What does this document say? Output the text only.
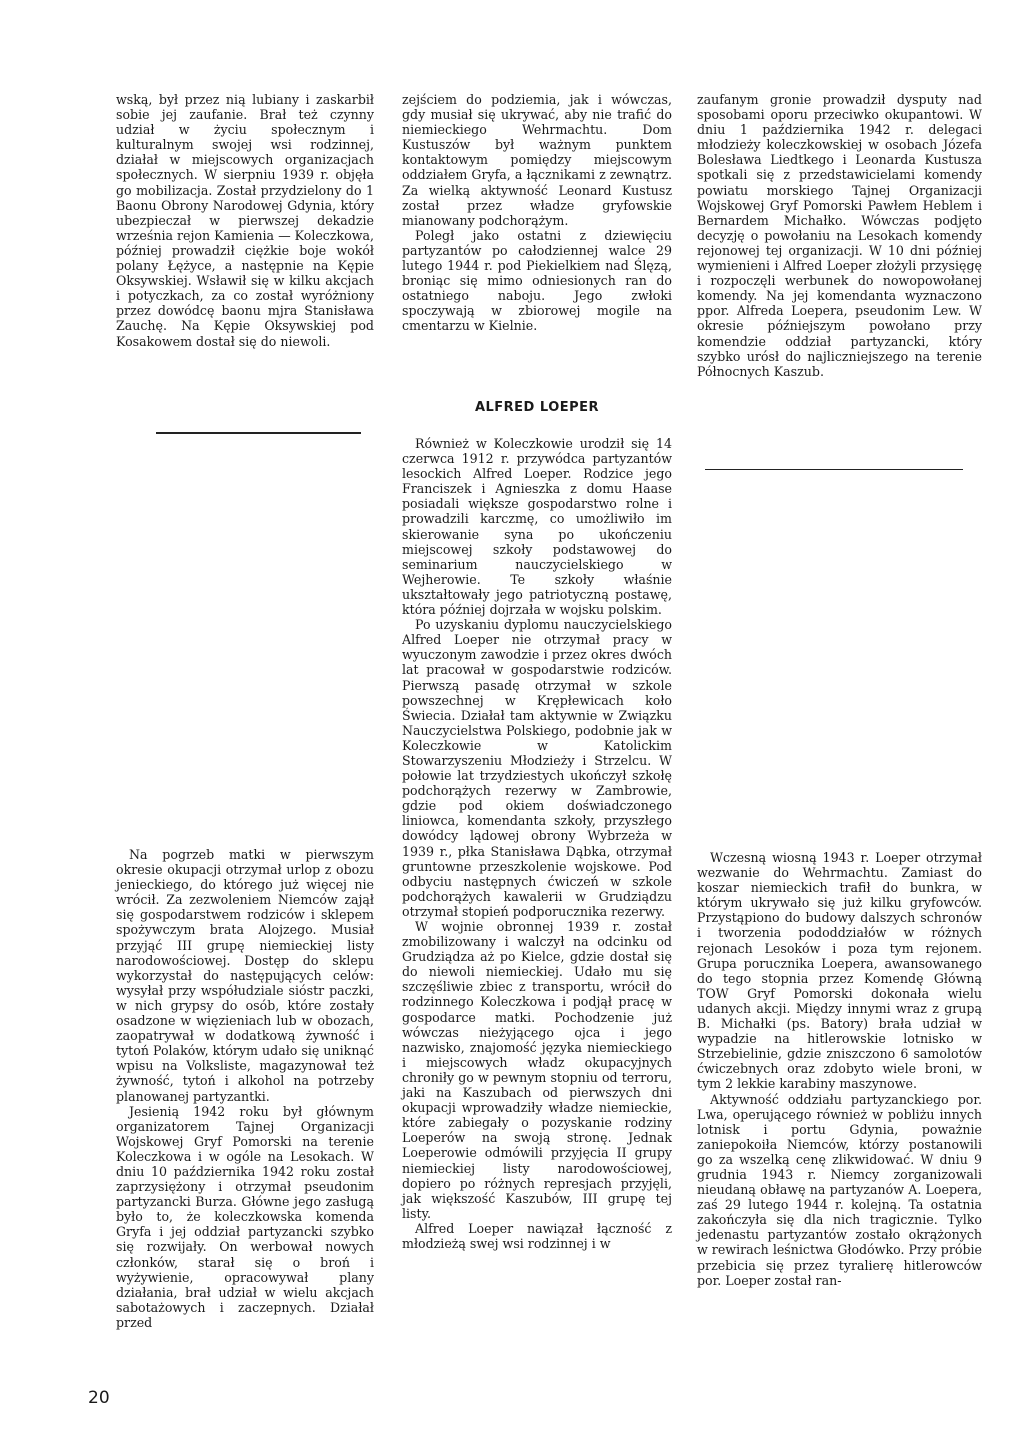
wską, był przez nią lubiany i zaskarbił sobie jej zaufanie. Brał też czynny udział w życiu społecznym i kulturalnym swojej wsi rodzinnej, działał w miejscowych organizacjach społecznych. W sierpniu 1939 r. objęła go mobilizacja. Został przydzielony do 1 Baonu Obrony Narodowej Gdynia, który ubezpieczał w pierwszej dekadzie września rejon Kamienia — Koleczkowa, później prowadził ciężkie boje wokół polany Łężyce, a następnie na Kępie Oksywskiej. Wsławił się w kilku akcjach i potyczkach, za co został wyróżniony przez dowódcę baonu mjra Stanisława Zauchę. Na Kępie Oksywskiej pod Kosakowem dostał się do niewoli.

Na pogrzeb matki w pierwszym okresie okupacji otrzymał urlop z obozu jenieckiego, do którego już więcej nie wrócił. Za zezwoleniem Niemców zajął się gospodarstwem rodziców i sklepem spożywczym brata Alojzego. Musiał przyjąć III grupę niemieckiej listy narodowościowej. Dostęp do sklepu wykorzystał do następujących celów: wysyłał przy współudziale sióstr paczki, w nich grypsy do osób, które zostały osadzone w więzieniach lub w obozach, zaopatrywał w dodatkową żywność i tytoń Polaków, którym udało się uniknąć wpisu na Volksliste, magazynował też żywność, tytoń i alkohol na potrzeby planowanej partyzantki.

Jesienią 1942 roku był głównym organizatorem Tajnej Organizacji Wojskowej Gryf Pomorski na terenie Koleczkowa i w ogóle na Lesokach. W dniu 10 października 1942 roku został zaprzysiężony i otrzymał pseudonim partyzancki Burza. Główne jego zasługą było to, że koleczkowska komenda Gryfa i jej oddział partyzancki szybko się rozwijały. On werbował nowych członków, starał się o broń i wyżywienie, opracowywał plany działania, brał udział w wielu akcjach sabotażowych i zaczepnych. Działał przed

zejściem do podziemia, jak i wówczas, gdy musiał się ukrywać, aby nie trafić do niemieckiego Wehrmachtu. Dom Kustuszów był ważnym punktem kontaktowym pomiędzy miejscowym oddziałem Gryfa, a łącznikami z zewnątrz. Za wielką aktywność Leonard Kustusz został przez władze gryfowskie mianowany podchorążym.

Poległ jako ostatni z dziewięciu partyzantów po całodziennej walce 29 lutego 1944 r. pod Piekielkiem nad Ślęzą, broniąc się mimo odniesionych ran do ostatniego naboju. Jego zwłoki spoczywają w zbiorowej mogile na cmentarzu w Kielnie.

ALFRED LOEPER

Również w Koleczkowie urodził się 14 czerwca 1912 r. przywódca partyzantów lesockich Alfred Loeper. Rodzice jego Franciszek i Agnieszka z domu Haase posiadali większe gospodarstwo rolne i prowadzili karczmę, co umożliwiło im skierowanie syna po ukończeniu miejscowej szkoły podstawowej do seminarium nauczycielskiego w Wejherowie. Te szkoły właśnie ukształtowały jego patriotyczną postawę, która później dojrzała w wojsku polskim.

Po uzyskaniu dyplomu nauczycielskiego Alfred Loeper nie otrzymał pracy w wyuczonym zawodzie i przez okres dwóch lat pracował w gospodarstwie rodziców. Pierwszą pasadę otrzymał w szkole powszechnej w Krępłewicach koło Świecia. Działał tam aktywnie w Związku Nauczycielstwa Polskiego, podobnie jak w Koleczkowie w Katolickim Stowarzyszeniu Młodzieży i Strzelcu. W połowie lat trzydziestych ukończył szkołę podchorążych rezerwy w Zambrowie, gdzie pod okiem doświadczonego liniowca, komendanta szkoły, przyszłego dowódcy lądowej obrony Wybrzeża w 1939 r., płka Stanisława Dąbka, otrzymał gruntowne przeszkolenie wojskowe. Pod odbyciu następnych ćwiczeń w szkole podchorążych kawalerii w Grudziądzu otrzymał stopień podporucznika rezerwy.

W wojnie obronnej 1939 r. został zmobilizowany i walczył na odcinku od Grudziądza aż po Kielce, gdzie dostał się do niewoli niemieckiej. Udało mu się szczęśliwie zbiec z transportu, wrócił do rodzinnego Koleczkowa i podjął pracę w gospodarce matki. Pochodzenie już wówczas nieżyjącego ojca i jego nazwisko, znajomość języka niemieckiego i miejscowych władz okupacyjnych chroniły go w pewnym stopniu od terroru, jaki na Kaszubach od pierwszych dni okupacji wprowadziły władze niemieckie, które zabiegały o pozyskanie rodziny Loeperów na swoją stronę. Jednak Loeperowie odmówili przyjęcia II grupy niemieckiej listy narodowościowej, dopiero po różnych represjach przyjęli, jak większość Kaszubów, III grupę tej listy.

Alfred Loeper nawiązał łączność z młodzieżą swej wsi rodzinnej i w

zaufanym gronie prowadził dysputy nad sposobami oporu przeciwko okupantowi. W dniu 1 października 1942 r. delegaci młodzieży koleczkowskiej w osobach Józefa Bolesława Liedtkego i Leonarda Kustusza spotkali się z przedstawicielami komendy powiatu morskiego Tajnej Organizacji Wojskowej Gryf Pomorski Pawłem Heblem i Bernardem Michałko. Wówczas podjęto decyzję o powołaniu na Lesokach komendy rejonowej tej organizacji. W 10 dni później wymienieni i Alfred Loeper złożyli przysięgę i rozpoczęli werbunek do nowopowołanej komendy. Na jej komendanta wyznaczono ppor. Alfreda Loepera, pseudonim Lew. W okresie późniejszym powołano przy komendzie oddział partyzancki, który szybko urósł do najliczniejszego na terenie Północnych Kaszub.

Wczesną wiosną 1943 r. Loeper otrzymał wezwanie do Wehrmachtu. Zamiast do koszar niemieckich trafił do bunkra, w którym ukrywało się już kilku gryfowców. Przystąpiono do budowy dalszych schronów i tworzenia pododdziałów w różnych rejonach Lesoków i poza tym rejonem. Grupa porucznika Loepera, awansowanego do tego stopnia przez Komendę Główną TOW Gryf Pomorski dokonała wielu udanych akcji. Między innymi wraz z grupą B. Michałki (ps. Batory) brała udział w wypadzie na hitlerowskie lotnisko w Strzebielinie, gdzie zniszczono 6 samolotów ćwiczebnych oraz zdobyto wiele broni, w tym 2 lekkie karabiny maszynowe.

Aktywność oddziału partyzanckiego por. Lwa, operującego również w pobliżu innych lotnisk i portu Gdynia, poważnie zaniepokoiła Niemców, którzy postanowili go za wszelką cenę zlikwidować. W dniu 9 grudnia 1943 r. Niemcy zorganizowali nieudaną obławę na partyzanów A. Loepera, zaś 29 lutego 1944 r. kolejną. Ta ostatnia zakończyła się dla nich tragicznie. Tylko jedenastu partyzantów zostało okrążonych w rewirach leśnictwa Głodówko. Przy próbie przebicia się przez tyralierę hitlerowców por. Loeper został ran-

20
